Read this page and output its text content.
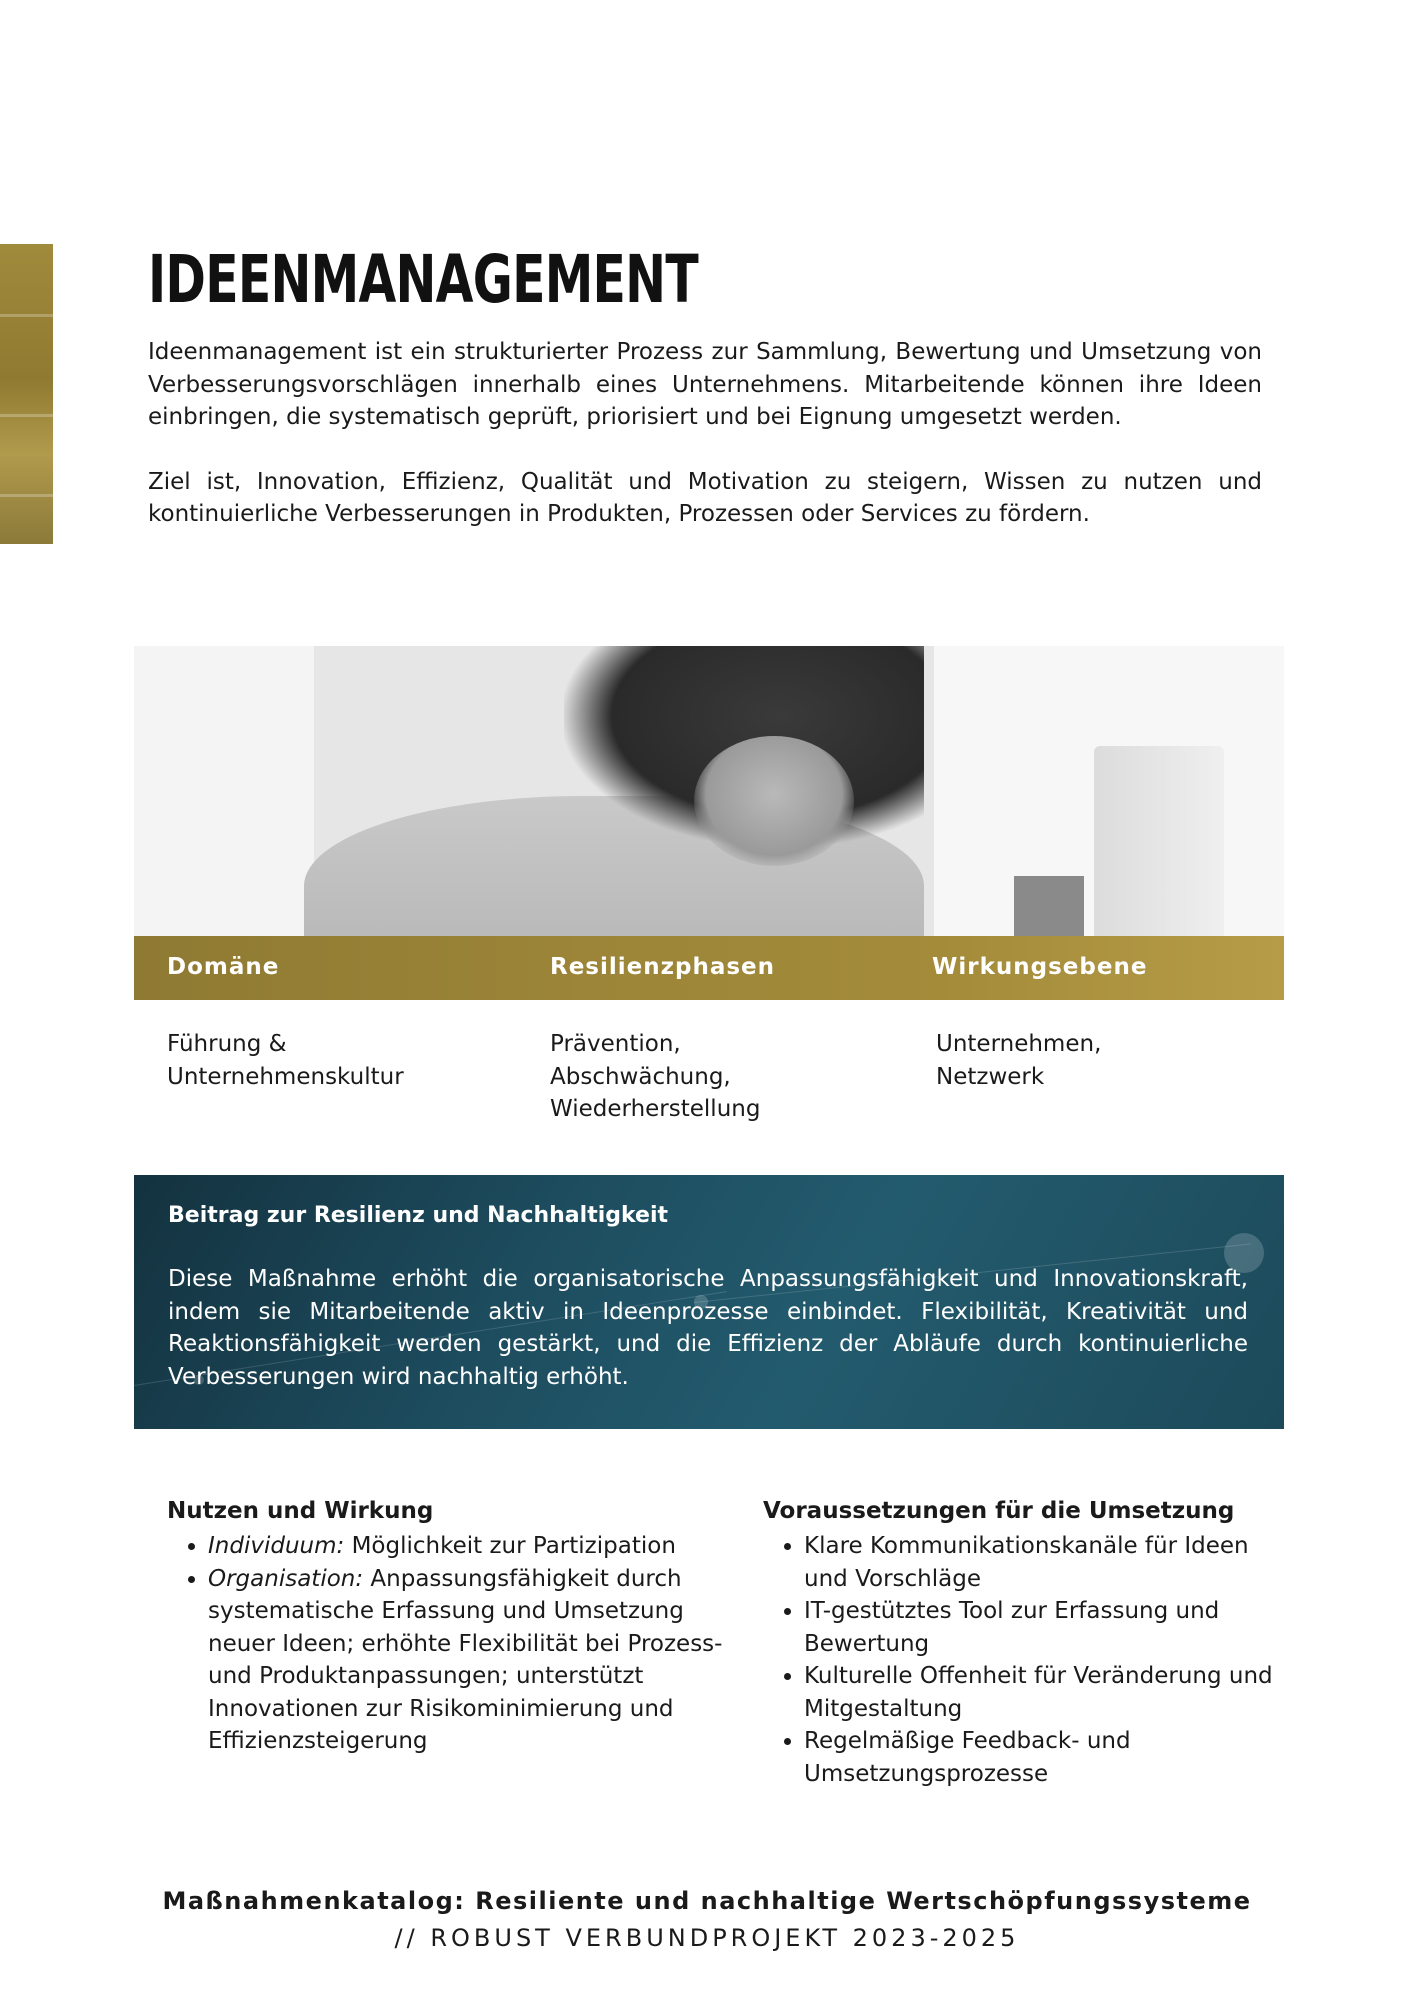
IDEENMANAGEMENT

Ideenmanagement ist ein strukturierter Prozess zur Sammlung, Bewertung und Umsetzung von Verbesserungsvorschlägen innerhalb eines Unternehmens. Mitarbeitende können ihre Ideen einbringen, die systematisch geprüft, priorisiert und bei Eignung umgesetzt werden.

Ziel ist, Innovation, Effizienz, Qualität und Motivation zu steigern, Wissen zu nutzen und kontinuierliche Verbesserungen in Produkten, Prozessen oder Services zu fördern.

Domäne	Resilienzphasen	Wirkungsebene
Führung &
Unternehmenskultur
Prävention,
Abschwächung,
Wiederherstellung
Unternehmen,
Netzwerk
Beitrag zur Resilienz und Nachhaltigkeit

Diese Maßnahme erhöht die organisatorische Anpassungsfähigkeit und Innovationskraft, indem sie Mitarbeitende aktiv in Ideenprozesse einbindet. Flexibilität, Kreativität und Reaktionsfähigkeit werden gestärkt, und die Effizienz der Abläufe durch kontinuierliche Verbesserungen wird nachhaltig erhöht.

Nutzen und Wirkung
• Individuum: Möglichkeit zur Partizipation
• Organisation: Anpassungsfähigkeit durch systematische Erfassung und Umsetzung neuer Ideen; erhöhte Flexibilität bei Prozess- und Produktanpassungen; unterstützt Innovationen zur Risikominimierung und Effizienzsteigerung
Voraussetzungen für die Umsetzung
• Klare Kommunikationskanäle für Ideen und Vorschläge
• IT-gestütztes Tool zur Erfassung und Bewertung
• Kulturelle Offenheit für Veränderung und Mitgestaltung
• Regelmäßige Feedback- und Umsetzungsprozesse
Maßnahmenkatalog: Resiliente und nachhaltige Wertschöpfungssysteme
// ROBUST VERBUNDPROJEKT 2023-2025
